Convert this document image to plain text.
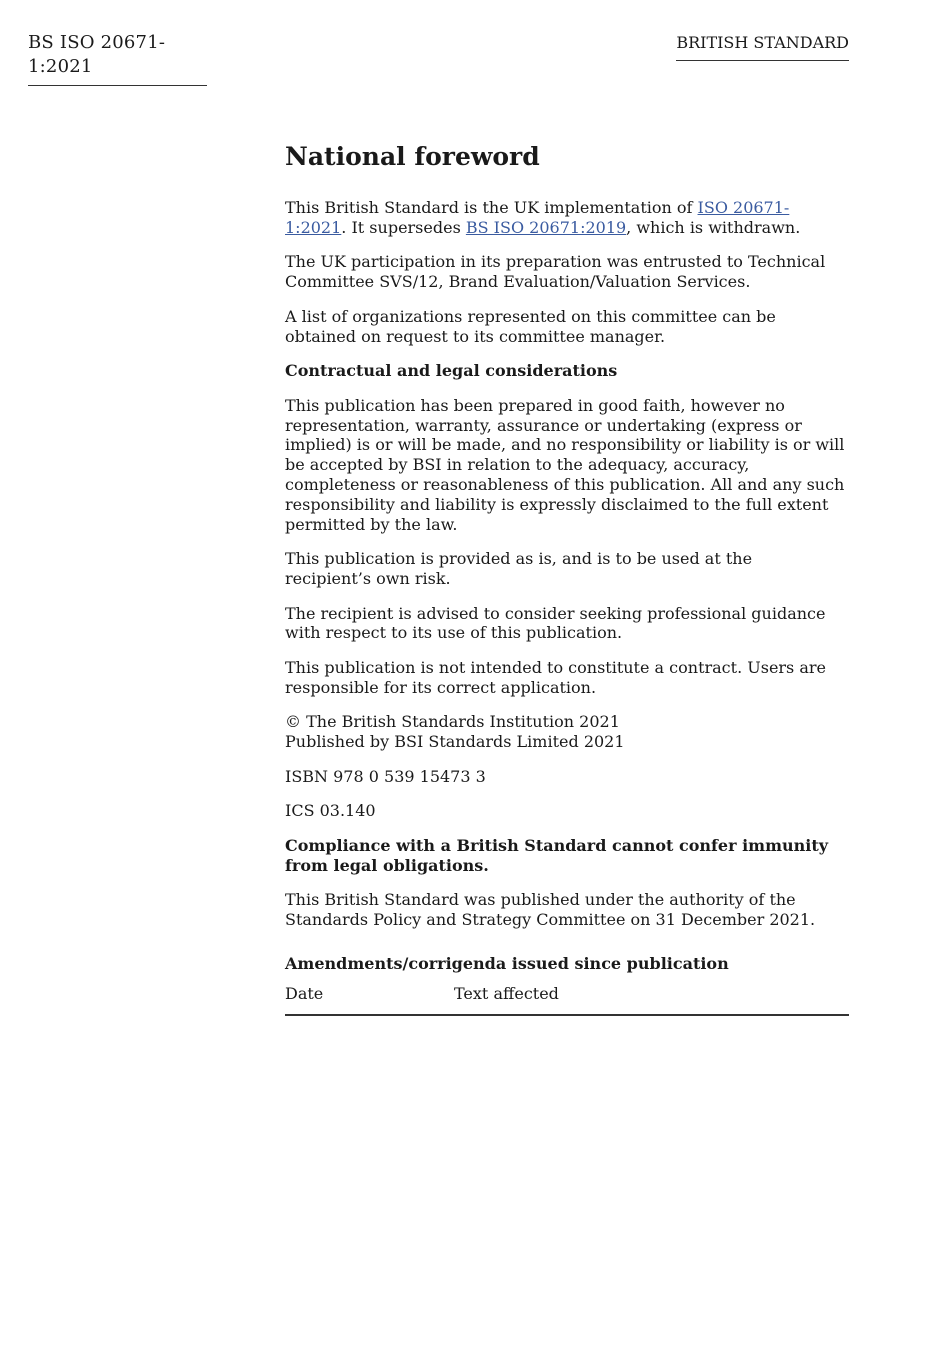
BS ISO 20671-1:2021
BRITISH STANDARD
National foreword

This British Standard is the UK implementation of ISO 20671-1:2021. It supersedes BS ISO 20671:2019, which is withdrawn.

The UK participation in its preparation was entrusted to Technical Committee SVS/12, Brand Evaluation/Valuation Services.

A list of organizations represented on this committee can be obtained on request to its committee manager.

Contractual and legal considerations

This publication has been prepared in good faith, however no representation, warranty, assurance or undertaking (express or implied) is or will be made, and no responsibility or liability is or will be accepted by BSI in relation to the adequacy, accuracy, completeness or reasonableness of this publication. All and any such responsibility and liability is expressly disclaimed to the full extent permitted by the law.

This publication is provided as is, and is to be used at the
recipient’s own risk.

The recipient is advised to consider seeking professional guidance with respect to its use of this publication.

This publication is not intended to constitute a contract. Users are responsible for its correct application.

© The British Standards Institution 2021
Published by BSI Standards Limited 2021

ISBN 978 0 539 15473 3

ICS 03.140

Compliance with a British Standard cannot confer immunity from legal obligations.

This British Standard was published under the authority of the Standards Policy and Strategy Committee on 31 December 2021.

Amendments/corrigenda issued since publication
Date	Text affected
